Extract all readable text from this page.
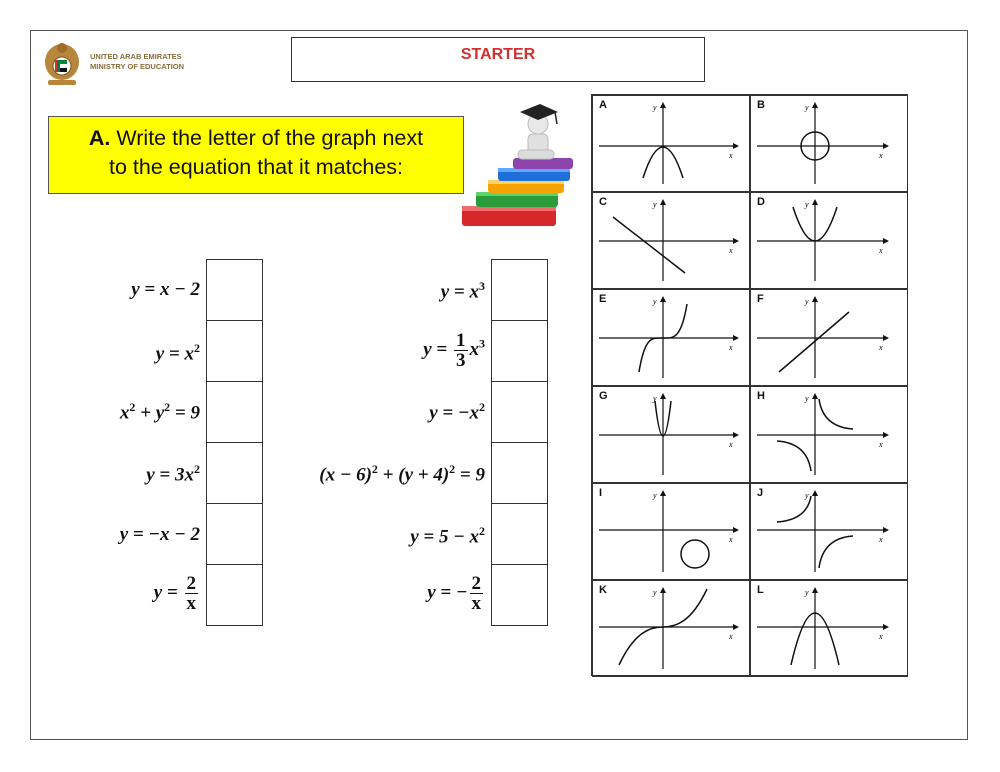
UNITED ARAB EMIRATES
MINISTRY OF EDUCATION
STARTER
A. Write the letter of the graph next
to the equation that it matches:
y = x − 2
$y = x^2$
$x^2 + y^2 = 9$
$y = 3x^2$
y = −x − 2
$y = \frac{2}{x}$
$y = x^3$
$y = \frac{1}{3} x^3$
$y = -x^2$
$(x - 6)^2 + (y + 4)^2 = 9$
$y = 5 - x^2$
y = − $\frac{2}{x}$
A
x
y	B
x
y
C
x
y	D
x
y
E
x
y	F
x
y
G
x
y	H
x
y
I
x
y	J
x
y
K
x
y	L
x
y
